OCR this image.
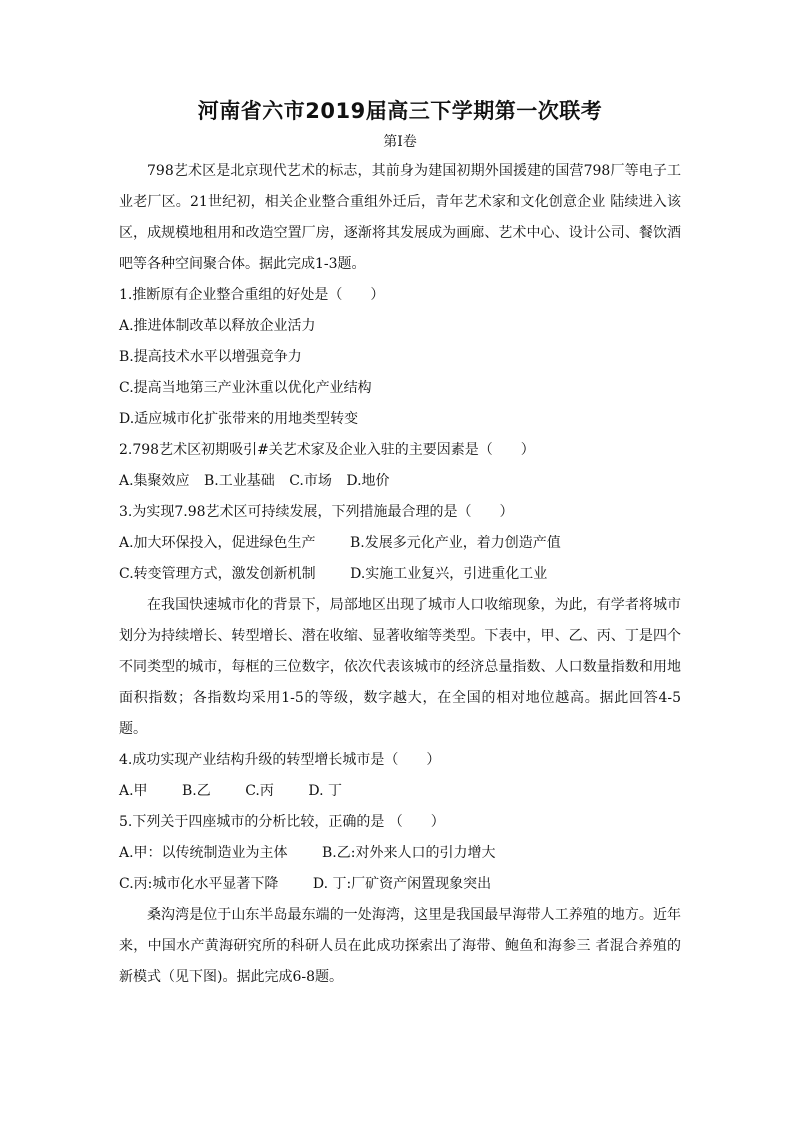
河南省六市2019届高三下学期第一次联考
第Ⅰ卷

798艺术区是北京现代艺术的标志，其前身为建国初期外国援建的国营798厂等电子工业老厂区。21世纪初，相关企业整合重组外迁后，青年艺术家和文化创意企业 陆续进入该区，成规模地租用和改造空置厂房，逐渐将其发展成为画廊、艺术中心、设计公司、餐饮酒吧等各种空间聚合体。据此完成1-3题。

1.推断原有企业整合重组的好处是（　　）

A.推进体制改革以释放企业活力

B.提高技术水平以增强竞争力

C.提高当地第三产业沐重以优化产业结构

D.适应城市化扩张带来的用地类型转变

2.798艺术区初期吸引#关艺术家及企业入驻的主要因素是（　　）

A.集聚效应 B.工业基础 C.市场 D.地价

3.为实现7.98艺术区可持续发展，下列措施最合理的是（　　）

A.加大环保投入，促进绿色生产 B.发展多元化产业，着力创造产值

C.转变管理方式，激发创新机制 D.实施工业复兴，引进重化工业

在我国快速城市化的背景下，局部地区出现了城市人口收缩现象，为此，有学者将城市划分为持续增长、转型增长、潜在收缩、显著收缩等类型。下表中，甲、乙、丙、丁是四个不同类型的城市，每框的三位数字，依次代表该城市的经济总量指数、人口数量指数和用地面积指数；各指数均采用1-5的等级，数字越大，在全国的相对地位越高。据此回答4-5题。

4.成功实现产业结构升级的转型增长城市是（　　）

A.甲 B.乙 C.丙 D. 丁

5.下列关于四座城市的分析比较，正确的是 （　　）

A.甲：以传统制造业为主体 B.乙:对外来人口的引力增大

C.丙:城市化水平显著下降 D. 丁:厂矿资产闲置现象突出

桑沟湾是位于山东半岛最东端的一处海湾，这里是我国最早海带人工养殖的地方。近年来，中国水产黄海研究所的科研人员在此成功探索出了海带、鲍鱼和海参三 者混合养殖的新模式（见下图)。据此完成6-8题。
